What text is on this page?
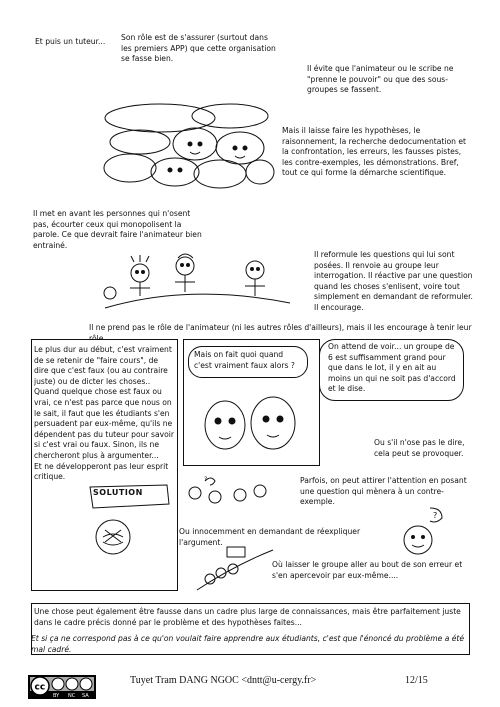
Et puis un tuteur...	Son rôle est de s'assurer (surtout dans les premiers APP) que cette organisation se fasse bien.
Il évite que l'animateur ou le scribe ne "prenne le pouvoir" ou que des sous-groupes se fassent.
Mais il laisse faire les hypothèses, le raisonnement, la recherche dedocumentation et la confrontation, les erreurs, les fausses pistes, les contre-exemples, les démonstrations. Bref, tout ce qui forme la démarche scientifique.
Il met en avant les personnes qui n'osent pas, écourter ceux qui monopolisent la parole. Ce que devrait faire l'animateur bien entrainé.
Il reformule les questions qui lui sont posées. Il renvoie au groupe leur interrogation. Il réactive par une question quand les choses s'enlisent, voire tout simplement en demandant de reformuler. Il encourage.
Il ne prend pas le rôle de l'animateur (ni les autres rôles d'ailleurs), mais il les encourage à tenir leur
Le plus dur au début, c'est vraiment de se retenir de "faire cours", de dire que c'est faux (ou au contraire juste) ou de dicter les choses..
Quand quelque chose est faux ou vrai, ce n'est pas parce que nous on le sait, il faut que les étudiants s'en persuadent par eux-même, qu'ils ne dépendent pas du tuteur pour savoir si c'est vrai ou faux. Sinon, ils ne chercheront plus à argumenter...
Et ne développeront pas leur esprit critique.
SOLUTION
Mais on fait quoi quand c'est vraiment faux alors ?
On attend de voir... un groupe de 6 est suffisamment grand pour que dans le lot, il y en ait au moins un qui ne soit pas d'accord et le dise.
Ou s'il n'ose pas le dire, cela peut se provoquer.
Parfois, on peut attirer l'attention en posant une question qui mènera à un contre-exemple.
?
Ou innocemment en demandant de réexpliquer l'argument.
?
Où laisser le groupe aller au bout de son erreur et s'en apercevoir par eux-même....
Une chose peut également être fausse dans un cadre plus large de connaissances, mais être parfaitement juste dans le cadre précis donné par le problème et des hypothèses faites...
Et si ça ne correspond pas à ce qu'on voulait faire apprendre aux étudiants, c'est que l'énoncé du problème a été mal cadré.
cc
BY NC SA
Tuyet Tram DANG NGOC <dntt@u-cergy.fr>	12/15
